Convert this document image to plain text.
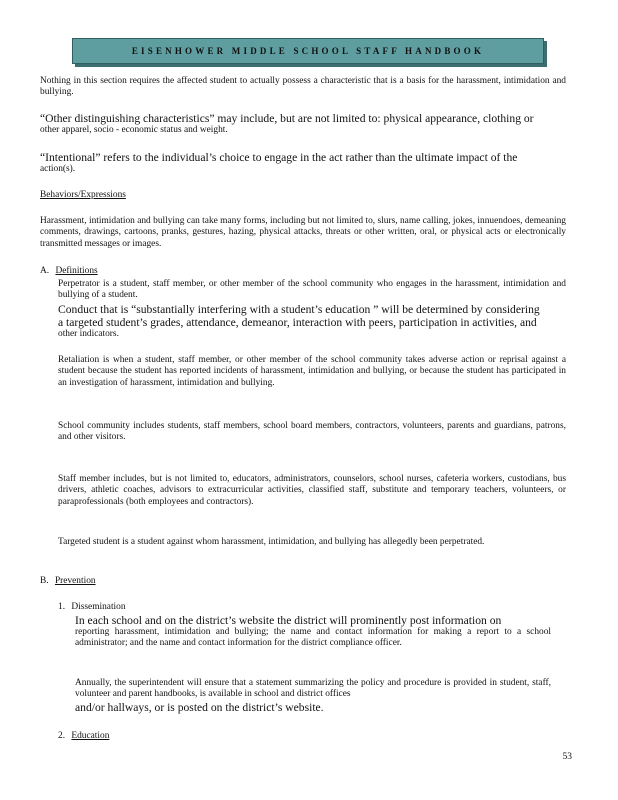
EISENHOWER MIDDLE SCHOOL STAFF HANDBOOK

Nothing in this section requires the affected student to actually possess a characteristic that is a basis for the harassment, intimidation and bullying.

“Other distinguishing characteristics” may include, but are not limited to: physical appearance, clothing or

other apparel, socio - economic status and weight.

“Intentional” refers to the individual’s choice to engage in the act rather than the ultimate impact of the

action(s).

Behaviors/Expressions

Harassment, intimidation and bullying can take many forms, including but not limited to, slurs, name calling, jokes, innuendoes, demeaning comments, drawings, cartoons, pranks, gestures, hazing, physical attacks, threats or other written, oral, or physical acts or electronically transmitted messages or images.

A. Definitions

Perpetrator is a student, staff member, or other member of the school community who engages in the harassment, intimidation and bullying of a student.

Conduct that is “substantially interfering with a student’s education ” will be determined by considering

a targeted student’s grades, attendance, demeanor, interaction with peers, participation in activities, and

other indicators.

Retaliation is when a student, staff member, or other member of the school community takes adverse action or reprisal against a student because the student has reported incidents of harassment, intimidation and bullying, or because the student has participated in an investigation of harassment, intimidation and bullying.

School community includes students, staff members, school board members, contractors, volunteers, parents and guardians, patrons, and other visitors.

Staff member includes, but is not limited to, educators, administrators, counselors, school nurses, cafeteria workers, custodians, bus drivers, athletic coaches, advisors to extracurricular activities, classified staff, substitute and temporary teachers, volunteers, or paraprofessionals (both employees and contractors).

Targeted student is a student against whom harassment, intimidation, and bullying has allegedly been perpetrated.

B. Prevention
1. Dissemination

In each school and on the district’s website the district will prominently post information on

reporting harassment, intimidation and bullying; the name and contact information for making a report to a school administrator; and the name and contact information for the district compliance officer.

Annually, the superintendent will ensure that a statement summarizing the policy and procedure is provided in student, staff, volunteer and parent handbooks, is available in school and district offices

and/or hallways, or is posted on the district’s website.

2. Education
53
